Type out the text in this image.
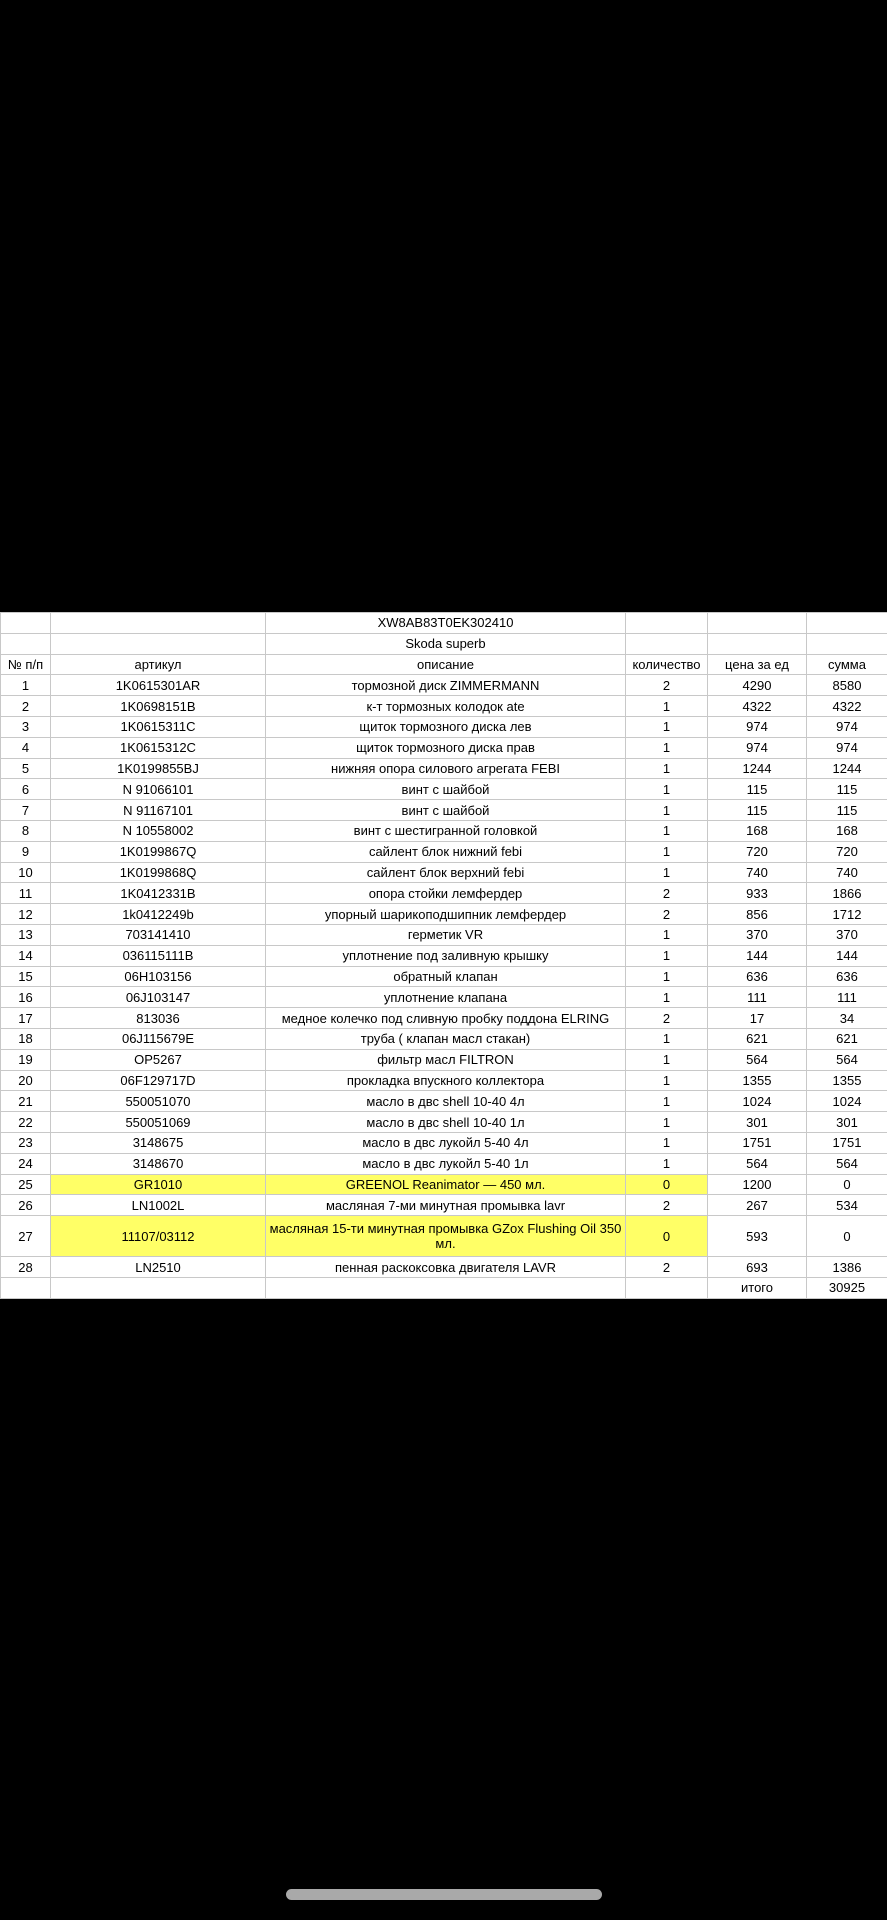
		XW8AB83T0EK302410			
		Skoda superb			
№ п/п	артикул	описание	количество	цена за ед	сумма
1	1K0615301AR	тормозной диск ZIMMERMANN	2	4290	8580
2	1K0698151B	к-т тормозных колодок ate	1	4322	4322
3	1K0615311C	щиток тормозного диска лев	1	974	974
4	1K0615312C	щиток тормозного диска прав	1	974	974
5	1K0199855BJ	нижняя опора силового агрегата FEBI	1	1244	1244
6	N 91066101	винт с шайбой	1	115	115
7	N 91167101	винт с шайбой	1	115	115
8	N 10558002	винт с шестигранной головкой	1	168	168
9	1K0199867Q	сайлент блок нижний febi	1	720	720
10	1K0199868Q	сайлент блок верхний febi	1	740	740
11	1K0412331B	опора стойки лемфердер	2	933	1866
12	1k0412249b	упорный шарикоподшипник лемфердер	2	856	1712
13	703141410	герметик VR	1	370	370
14	036115111B	уплотнение под заливную крышку	1	144	144
15	06H103156	обратный клапан	1	636	636
16	06J103147	уплотнение клапана	1	111	111
17	813036	медное колечко под сливную пробку поддона ELRING	2	17	34
18	06J115679E	труба ( клапан масл стакан)	1	621	621
19	OP5267	фильтр масл FILTRON	1	564	564
20	06F129717D	прокладка впускного коллектора	1	1355	1355
21	550051070	масло в двс shell 10-40 4л	1	1024	1024
22	550051069	масло в двс shell 10-40 1л	1	301	301
23	3148675	масло в двс лукойл 5-40 4л	1	1751	1751
24	3148670	масло в двс лукойл 5-40 1л	1	564	564
25	GR1010	GREENOL Reanimator — 450 мл.	0	1200	0
26	LN1002L	масляная 7-ми минутная промывка lavr	2	267	534
27	11107/03112	масляная 15-ти минутная промывка GZox Flushing Oil 350 мл.	0	593	0
28	LN2510	пенная раскоксовка двигателя LAVR	2	693	1386
				итого	30925
